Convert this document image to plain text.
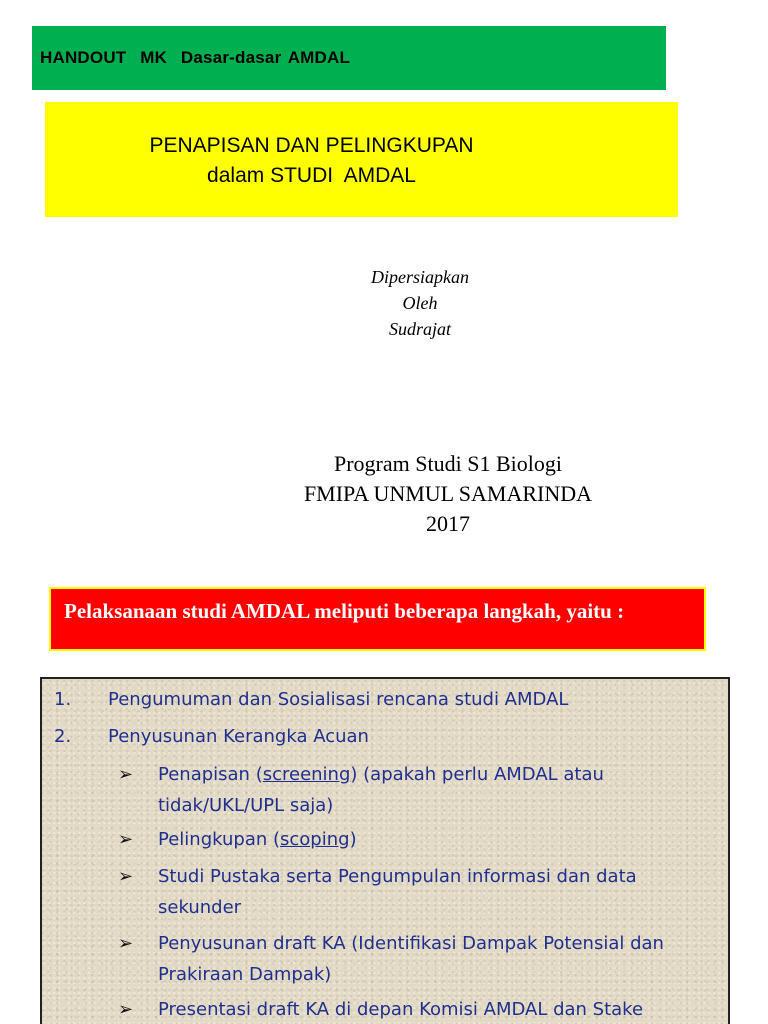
HANDOUT  MK  Dasar-dasar AMDAL
PENAPISAN DAN PELINGKUPAN
dalam STUDI  AMDAL
Dipersiapkan
Oleh
Sudrajat
Program Studi S1 Biologi
FMIPA UNMUL SAMARINDA
2017
Pelaksanaan studi AMDAL meliputi beberapa langkah, yaitu :
1. Pengumuman dan Sosialisasi rencana studi AMDAL
2. Penyusunan Kerangka Acuan
➢ Penapisan (screening) (apakah perlu AMDAL atau tidak/UKL/UPL saja)
➢ Pelingkupan (scoping)
➢ Studi Pustaka serta Pengumpulan informasi dan data sekunder
➢ Penyusunan draft KA (Identifikasi Dampak Potensial dan Prakiraan Dampak)
➢ Presentasi draft KA di depan Komisi AMDAL dan Stake
